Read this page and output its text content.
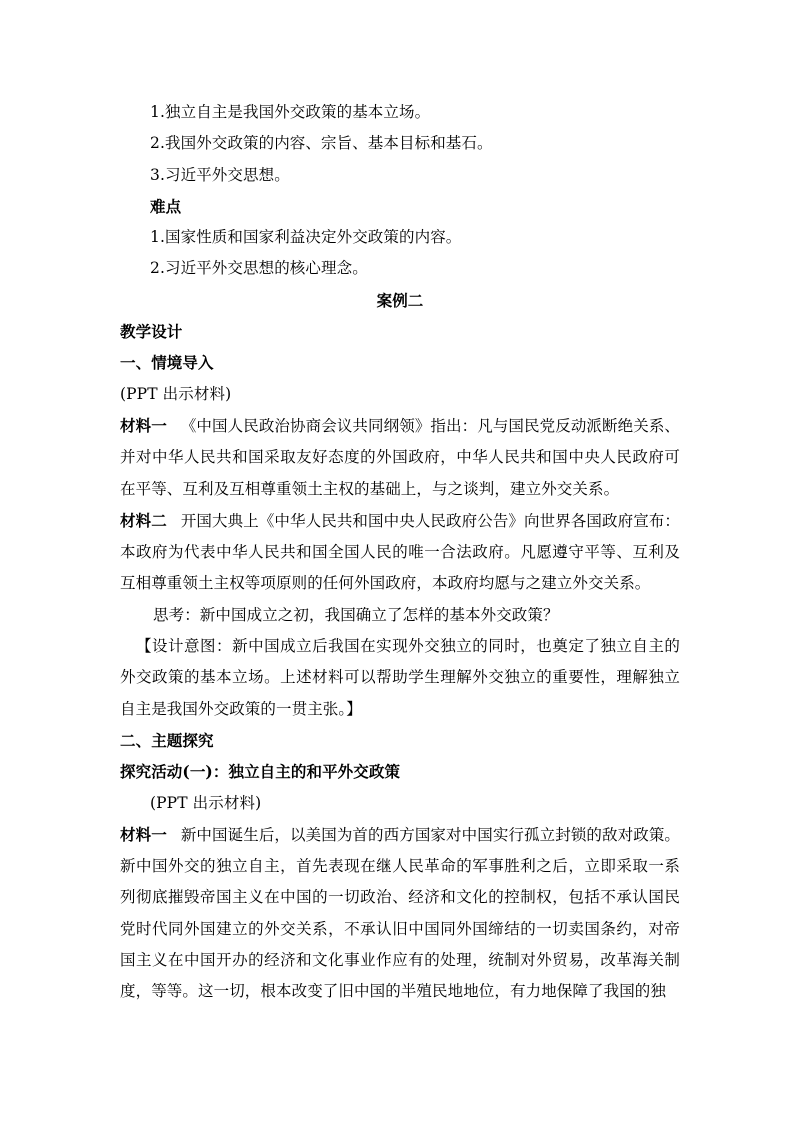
1.独立自主是我国外交政策的基本立场。

2.我国外交政策的内容、宗旨、基本目标和基石。

3.习近平外交思想。

难点

1.国家性质和国家利益决定外交政策的内容。

2.习近平外交思想的核心理念。

案例二

教学设计

一、情境导入

(PPT 出示材料)

材料一 《中国人民政治协商会议共同纲领》指出：凡与国民党反动派断绝关系、并对中华人民共和国采取友好态度的外国政府，中华人民共和国中央人民政府可在平等、互利及互相尊重领土主权的基础上，与之谈判，建立外交关系。

材料二 开国大典上《中华人民共和国中央人民政府公告》向世界各国政府宣布：本政府为代表中华人民共和国全国人民的唯一合法政府。凡愿遵守平等、互利及互相尊重领土主权等项原则的任何外国政府，本政府均愿与之建立外交关系。

思考：新中国成立之初，我国确立了怎样的基本外交政策？

【设计意图：新中国成立后我国在实现外交独立的同时，也奠定了独立自主的外交政策的基本立场。上述材料可以帮助学生理解外交独立的重要性，理解独立自主是我国外交政策的一贯主张。】

二、主题探究

探究活动(一)：独立自主的和平外交政策

(PPT 出示材料)

材料一 新中国诞生后，以美国为首的西方国家对中国实行孤立封锁的敌对政策。新中国外交的独立自主，首先表现在继人民革命的军事胜利之后，立即采取一系列彻底摧毁帝国主义在中国的一切政治、经济和文化的控制权，包括不承认国民党时代同外国建立的外交关系，不承认旧中国同外国缔结的一切卖国条约，对帝国主义在中国开办的经济和文化事业作应有的处理，统制对外贸易，改革海关制度，等等。这一切，根本改变了旧中国的半殖民地地位，有力地保障了我国的独
